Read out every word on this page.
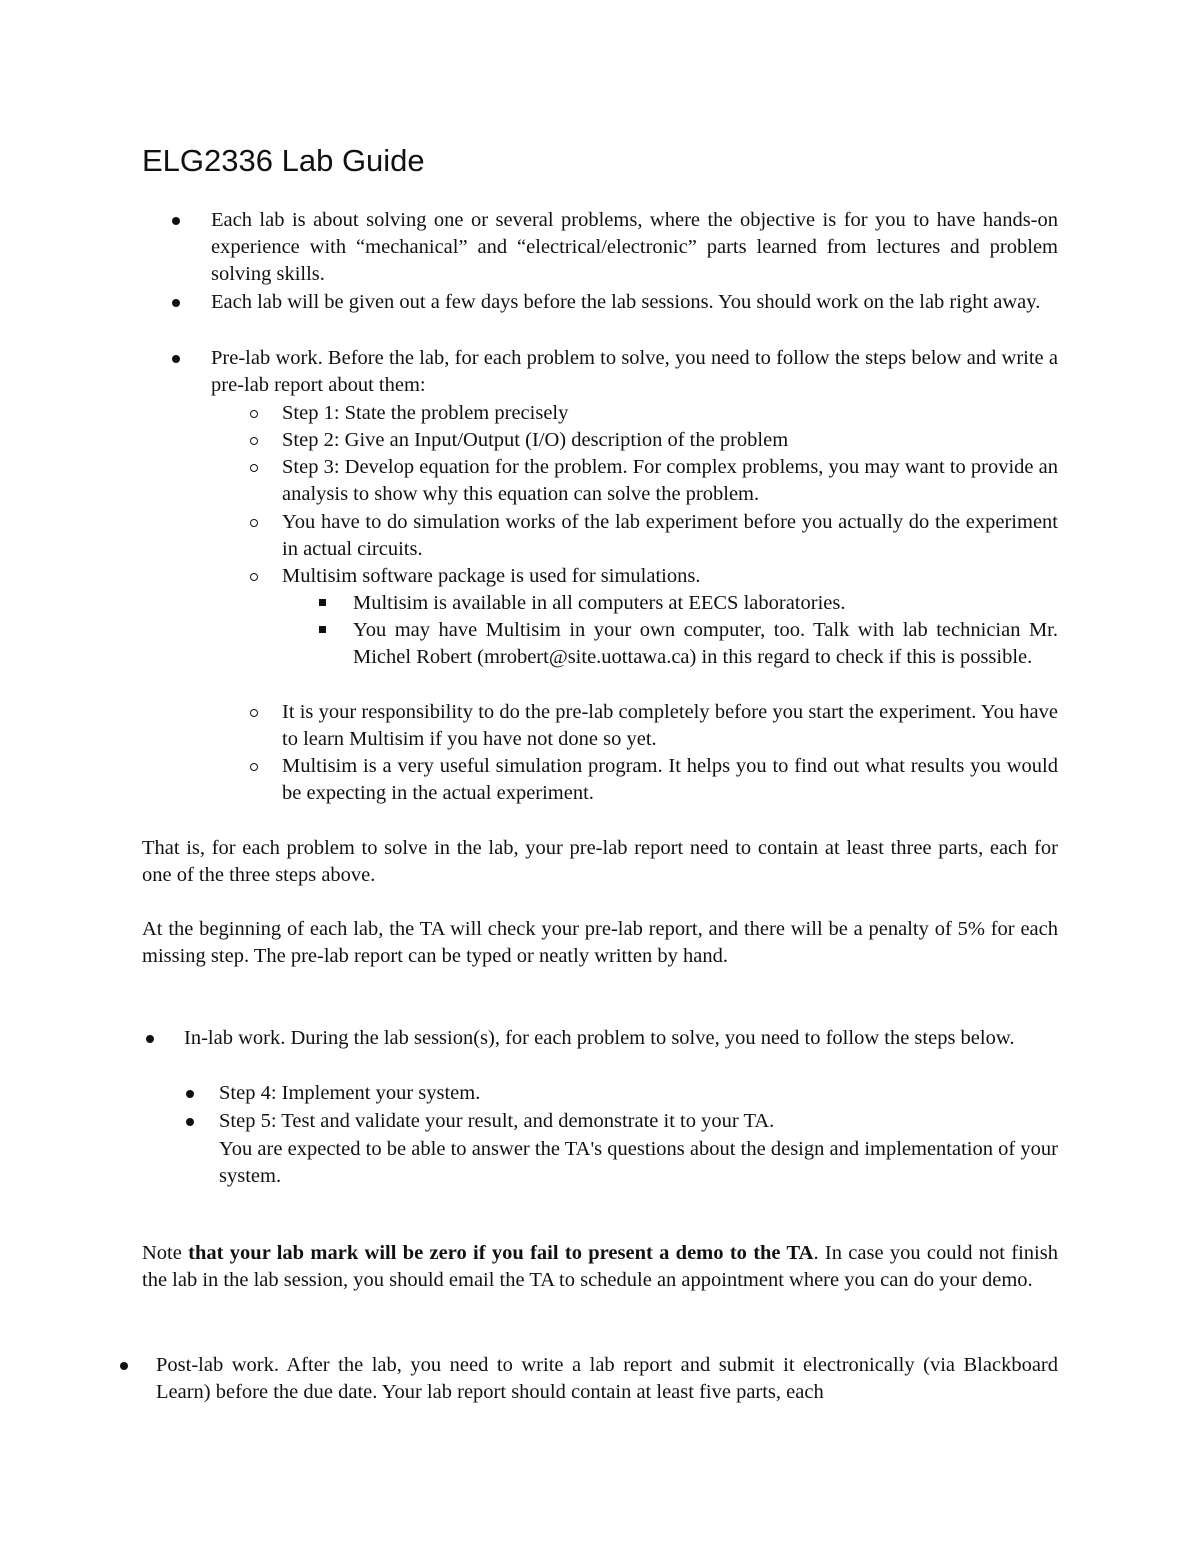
ELG2336 Lab Guide
Each lab is about solving one or several problems, where the objective is for you to have hands-on experience with “mechanical” and “electrical/electronic” parts learned from lectures and problem solving skills.
Each lab will be given out a few days before the lab sessions. You should work on the lab right away.
Pre-lab work. Before the lab, for each problem to solve, you need to follow the steps below and write a pre-lab report about them:
Step 1: State the problem precisely
Step 2: Give an Input/Output (I/O) description of the problem
Step 3: Develop equation for the problem. For complex problems, you may want to provide an analysis to show why this equation can solve the problem.
You have to do simulation works of the lab experiment before you actually do the experiment in actual circuits.
Multisim software package is used for simulations.
Multisim is available in all computers at EECS laboratories.
You may have Multisim in your own computer, too. Talk with lab technician Mr. Michel Robert (mrobert@site.uottawa.ca) in this regard to check if this is possible.
It is your responsibility to do the pre-lab completely before you start the experiment. You have to learn Multisim if you have not done so yet.
Multisim is a very useful simulation program. It helps you to find out what results you would be expecting in the actual experiment.
That is, for each problem to solve in the lab, your pre-lab report need to contain at least three parts, each for one of the three steps above.
At the beginning of each lab, the TA will check your pre-lab report, and there will be a penalty of 5% for each missing step. The pre-lab report can be typed or neatly written by hand.
In-lab work. During the lab session(s), for each problem to solve, you need to follow the steps below.
Step 4: Implement your system.
Step 5: Test and validate your result, and demonstrate it to your TA.
You are expected to be able to answer the TA's questions about the design and implementation of your system.
Note that your lab mark will be zero if you fail to present a demo to the TA. In case you could not finish the lab in the lab session, you should email the TA to schedule an appointment where you can do your demo.
Post-lab work. After the lab, you need to write a lab report and submit it electronically (via Blackboard Learn) before the due date. Your lab report should contain at least five parts, each
